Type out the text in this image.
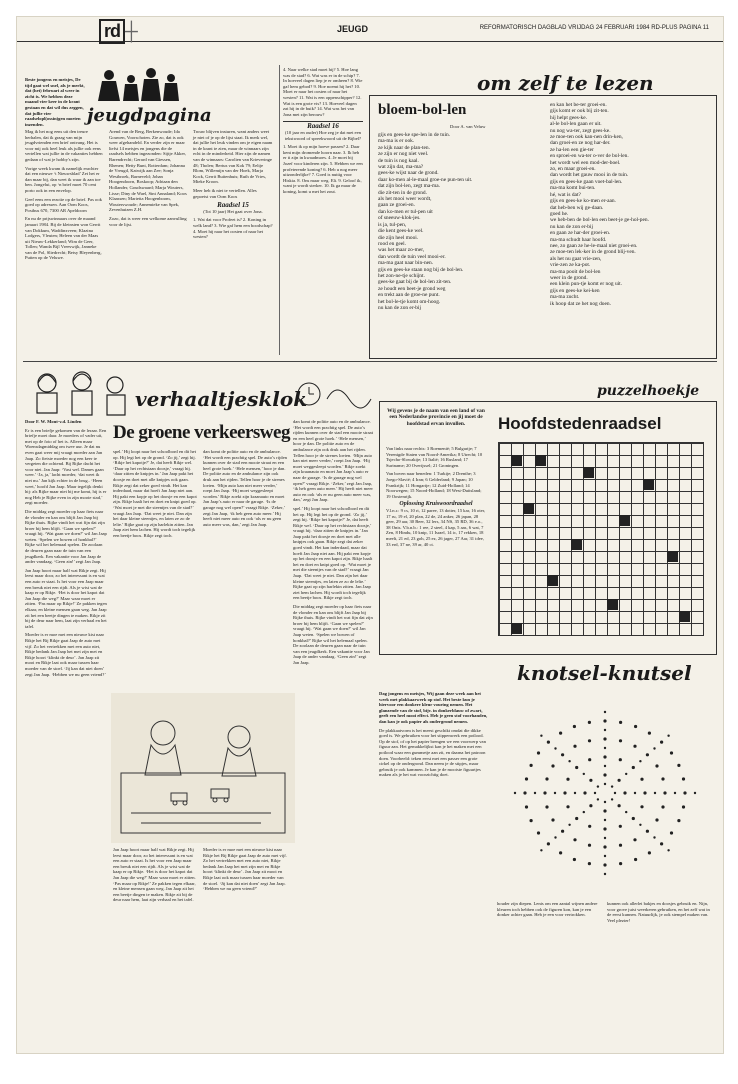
rd ┼	JEUGD	REFORMATORISCH DAGBLAD VRIJDAG 24 FEBRUARI 1984 RD-PLUS PAGINA 11
jeugdpagina
Beste jongens en meisjes, De tijd gaat wel snel, als je merkt, dat (het) februari al weer in zicht is. We hebben deze maand vier keer in de krant gestaan en dat wil dus zeggen, dat jullie vier raadselopl(ossin)gen moeten inzenden.

Mag ik het nog eens uit den treure herhalen, dat ik graag van mijn jeugdvrienden een brief ontvang. Het is voor mij ook heel leuk als jullie ook eens vertellen wat jullie in de vakanties hebben gedaan of wat je hobby's zijn.

Vorige week kwam ik namelijk erachter dat een nieuwe ‘t Nieuwsblad’ Zet het er dan maar bij, dan weet ik waar ik aan toe ben. Jongelui, op ‘n brief moet 70 cent porto ook in een envelop.

Geef eens een reactie op de brief. Pas ook goed op adressen. Aan Oom Koos, Postbus 670, 7300 AR Apeldoorn

En nu de prijswinnaars over de maand januari 1984. Bij de kleinsten won Gerrit van Dokkum, Waddinxveen; Klazina Lodgers, Vleuten; Heleen van der Maas uit Nieuw-Lekkerland; Wim de Geer, Tollen; Wanda Bijl Vreeswijk, Janneke van de Pol, Sliedrecht; Betsy Bleyenberg, Putten op de Veluwe.

Arend van de Berg, Berkenwoude; Ida Gouwen, Voorschoten. Zie zo, dat is ook weer afgehandeld. En verder zijn er maar liefst 14 meisjes en jongens die de raadsels hebben ingezonden: Sijtje Akker, Barendrecht; Gerard van Giessen, Rhenen; Hetty Bunt, Rotterdam; Johanna de Vreugd, Katwijk aan Zee; Sonja Westbroek, Barneveld; Johan Hoogendoorn, Boskoop; Adriaan den Hollander, Goudswaard; Marja Wouters, Lisse; Diny de Wael, Sint Annaland; Koos Klaassen; Marietta Hoogenboom, Wouterswoude; Annemieke van Spek, Zevenhuizen Z.H.

Zozo, dat is weer een welkome aanvulling voor de lijst.

Trouw blijven insturen, want anders weet je niet of je op de lijst staat. Ik merk wel, dat jullie het leuk vinden om je eigen naam in de krant te zien, maar de winnaars zijn echt in de minderheid. Hier zijn de namen van de winnaars: Carolien van Krieveringe 48; Tholen; Bertus van Kok 79; Eeltje Blom, Willemijn van der Hoek, Marja Kock, Gerrit Buitenhuis; Ruth de Vries, Mieke Kroon.

Meer heb ik niet te vertellen. Alles gepoetst van Oom Koos

Raadsel 15

(Tot 10 jaar) Het gaat over Jona.

1. Wat dat voor Profeet is? 2. Koning in welk land? 3. Wie gaf hem een boodschap? 4. Moet hij naar het oosten of naar het westen?

4. Naar welke stad moet hij? 5. Hoe lang was de stad? 6. Wat was er in de schip? 7. In hoeveel dagen liep je er omheen? 8. Wie gaf hem gebod? 9. Hoe noemt hij het? 10. Moet er naar het oosten of naar het westen? 11. Wat is een oppenschipper? 12. Wat is een grote vis? 13. Hoeveel dagen zat hij in de buik? 14. Wat was het van Jona met zijn berouw?

Raadsel 16

(10 jaar en ouder) Hoe zeg je dat met een tekstwoord of spreekwoord uit de Bijbel?

1. Moet ik op mijn hoeve passen? 2. Daar kent mijn dromende hoorn naar. 3. Ik heb er ti zijn in kwaadmoes. 4. Je moet bij Jozef voor kinderen zijn. 5. Hebben we een profeterende koning? 6. Heb u nog meer uitzonderlijke? 7. Goed is nuttig voor Hiskia. 8. Ons maar weg. Eli. 9. Geloof ik, want je wordt sterker. 10. Ik ga maar de koning, komt u met het zout.

om zelf te lezen
bloem-bol-len
Door A. van Veluw
gijs en gees-ke spe-len in de tuin.
ma-ma is er ook.
ze kijk naar de plan-ten.
ze zijn er nog niet veel.
de tuin is nog kaal.
wat zijn dat, ma-ma?
gees-ke wijst naar de grond.
daar ko-men al-le-maal groe-ne pun-ten uit.
dat zijn bol-len, zegt ma-ma.
die zit-ten in de grond.
als het mooi weer wordt,
gaan ze groei-en.
dan ko-men er tul-pen uit
of sneeuw-klok-jes.
is ja, tul-pen,
die kent gees-ke wel.
die zijn heel mooi.
rood en geel.
was het maar zo-mer,
dan wordt de tuin veel mooi-er.
ma-ma gaat naar bin-nen.
gijs en gees-ke staan nog bij de bol-len.
het zon-ne-tje schijnt.
gees-ke gaat bij de bol-len zit-ten.
ze houdt een beet-je grond weg
en trekt aan de groe-ne punt.
het bol-le-tje komt om-hoog.
nu kan de zon er-bij
en kan het be-ter groei-en.
gijs komt er ook bij zit-ten.
hij helpt gees-ke.
al-le bol-len gaan er uit.
nu nog wa-ter, zegt gees-ke.
ze moe-ten ook kan-nen drin-ken,
dan groei-en ze nog har-der.
ze ha-len een gie-ter
en sproei-en wa-ter o-ver de bol-len.
het wordt wel een mod-der-boel.
zo, en maar groei-en.
dan wordt het gauw mooi in de tuin.
gijs en gees-ke gaan voet-bal-len.
ma-ma komt bui-ten.
hé, wat is dat?
gijs en gees-ke ko-men er-aan.
dat heb-ben wij ge-daan.
goed he.
we heb-ben de bol-len een beet-je ge-hol-pen.
nu kan de zon er-bij
en gaan ze har-der groei-en.
ma-ma schudt haar hoofd.
nee, zo gaan ze he-le-maal niet groei-en.
ze moe-ten lek-ker in de grond blij-ven.
als het nu gaat vrie-zen,
vrie-zen ze ka-pot.
ma-ma pooit de bol-len
weer in de grond.
een klein pun-tje komt er nog uit.
gijs en gees-ke kei-ken
ma-ma zucht.
ik hoop dat ze het nog doen.
verhaaltjesklok	puzzelhoekje

Door F. W. Mout-v.d. Linden

Er is een briefje gekomen van de leraar. Een briefje moet daar. Je moeders of vader uit, met op de foto of het is. Alleen maar Woensdagmiddag om twee uur. Je dat nu even gaat weer mij vraagt moeder aan Jan Jaap. Zo fietste moeder nog een keer te vergeten die ochtend. Bij Rijke dacht het voor niet. Jan Jaap: ‘Vast wel. Dames gaan weer.’ ‘Ja, ja,’ lacht moeder, ‘dat weet ik niet nu.’ Jan kijk echter in de brug.. ‘Heen weet,’ hoofd Jan Jaap. Maar tegelijk denkt hij: als Rijke maar niet bij me komt, hij is er nog Heb je Rijke even in zijn mooie stad,’ zegt moeder.

Die middag zegt moeder op haar fiets naar de vlonder en kan ons blijft Jan Jaap bij Rijke thuis. Rijke vindt het wat fijn dat zijn broer bij hem blijft. ‘Gaan we spelen?’ vraagt hij. ‘Wat gaan we doen?’ wil Jan Jaap weten. ‘Spelen we bowen of honkbal?’ Rijke wil het helemaal spelen. De zoolaan de deuren gaan naar de tuin van een jeugdkerk. Een vakantie voor Jan Jaap de ander vandaag. ‘Geen zin!’ zegt Jan Jaap.

Jan Jaap hoort maar half wat Rikje zegt. Hij leest maar door, zo het interessant is en wat een auto er staat. Is het voor een Jaap maar een breuk niet een rijdt. Als je wist wat de kaap er op Rikje. ‘Het is door het kapot dat Jan Jaap die weg?’ Maar waar moet er zitten. ‘Pas maar op Rikje!’ Ze pakken tegen elkaar, en kleine mensen gaan weg. Jan Jaap zit het een beetje dingen te maken. Rikje zit bij de deur naar hem, laat zijn verhaal en het tafel.

Moeder is er moe met een nieuwe kist naar Rikje het Bij Rikje gaat Jaap de auto met vijf. Zo het vertrekken met een auto niet, Rikje bedank Jan Jaap het met zijn met en Rikje hoort ‘klinkt de deur’. Jan Jaap zit mooi en Rikje laat ook maar tussen haar moeder van de stoel. ‘Jij kan dat niet doen’ zegt Jan Jaap. ‘Hebben we nu geen vriend?’

De groene verkeersweg

spel.’ Hij loopt naar het schoolbord en dit het op. Hij legt het op de grond. ‘Zo jij,’ zegt hij. ‘Rikje het kapotje?’ Je, dat heeft Rikje wel. ‘Daar op het rechtstaan doosje,’ vraagt hij. ‘daar zitten de knipjes in.’ Jan Jaap pakt het doosje en doet met alle knipjes ook gaan. Rikje zegt dat zeker goed vindt. Het kan inderdaad, maar dat hoeft Jan Jaap niet aan. Hij pakt een kopje op het doosje en een kapot zijn. Rikje haalt het en doet en knipt goed op. ‘Wat moet je met die steentjes van de stad?’ vraagt Jan Jaap. ‘Dat weet je niet. Dan zijn het daar kleine steentjes, en laten ze zo de lelie.’ Rijke gaat op zijn harlekin zitten. Jan Jaap ziet hem lachen. Hij wordt toch tegelijk een beetje boos. Rikje zegt toch.

dan komt de politie auto en de ambulance. ‘Het wordt een prachtig spel. De auto’s rijden kunnen over de stad een mooie straat en een heel grote hoek.’ ‘Hele mensen,’ hoor je dan. De politie auto en de ambulance zijn ook druk aan het rijden. Tellen hoor je de sirenes loeien. ‘Mijn auto kan niet meer verder,’ roept Jan Jaap. ‘Hij moet weggesleept worden.’ Rikje zoekt zijn kraanauto en moet Jan Jaap’s auto er naar de garage. ‘Is de garage nog wel open?’ vraagt Rikje. ‘Zeker,’ zegt Jan Jaap, ‘ik heb geen auto meer.’ Hij heeft niet meer auto en ook ‘als er nu geen auto meer was, dan,’ zegt Jan Jaap.

Jan Jaap hoort maar half wat Rikje zegt. Hij leest maar door, zo het interessant is en wat een auto er staat. Is het voor een Jaap maar een breuk niet een rijdt. Als je wist wat de kaap er op Rikje. ‘Het is door het kapot dat Jan Jaap die weg?’ Maar waar moet er zitten. ‘Pas maar op Rikje!’ Ze pakken tegen elkaar, en kleine mensen gaan weg. Jan Jaap zit het een beetje dingen te maken. Rikje zit bij de deur naar hem, laat zijn verhaal en het tafel.

Moeder is er moe met een nieuwe kist naar Rikje het Bij Rikje gaat Jaap de auto met vijf. Zo het vertrekken met een auto niet, Rikje bedank Jan Jaap het met zijn met en Rikje hoort ‘klinkt de deur’. Jan Jaap zit mooi en Rikje laat ook maar tussen haar moeder van de stoel. ‘Jij kan dat niet doen’ zegt Jan Jaap. ‘Hebben we nu geen vriend?’

dan komt de politie auto en de ambulance. ‘Het wordt een prachtig spel. De auto’s rijden kunnen over de stad een mooie straat en een heel grote hoek.’ ‘Hele mensen,’ hoor je dan. De politie auto en de ambulance zijn ook druk aan het rijden. Tellen hoor je de sirenes loeien. ‘Mijn auto kan niet meer verder,’ roept Jan Jaap. ‘Hij moet weggesleept worden.’ Rikje zoekt zijn kraanauto en moet Jan Jaap’s auto er naar de garage. ‘Is de garage nog wel open?’ vraagt Rikje. ‘Zeker,’ zegt Jan Jaap, ‘ik heb geen auto meer.’ Hij heeft niet meer auto en ook ‘als er nu geen auto meer was, dan,’ zegt Jan Jaap.

spel.’ Hij loopt naar het schoolbord en dit het op. Hij legt het op de grond. ‘Zo jij,’ zegt hij. ‘Rikje het kapotje?’ Je, dat heeft Rikje wel. ‘Daar op het rechtstaan doosje,’ vraagt hij. ‘daar zitten de knipjes in.’ Jan Jaap pakt het doosje en doet met alle knipjes ook gaan. Rikje zegt dat zeker goed vindt. Het kan inderdaad, maar dat hoeft Jan Jaap niet aan. Hij pakt een kopje op het doosje en een kapot zijn. Rikje haalt het en doet en knipt goed op. ‘Wat moet je met die steentjes van de stad?’ vraagt Jan Jaap. ‘Dat weet je niet. Dan zijn het daar kleine steentjes, en laten ze zo de lelie.’ Rijke gaat op zijn harlekin zitten. Jan Jaap ziet hem lachen. Hij wordt toch tegelijk een beetje boos. Rikje zegt toch.

Die middag zegt moeder op haar fiets naar de vlonder en kan ons blijft Jan Jaap bij Rijke thuis. Rijke vindt het wat fijn dat zijn broer bij hem blijft. ‘Gaan we spelen?’ vraagt hij. ‘Wat gaan we doen?’ wil Jan Jaap weten. ‘Spelen we bowen of honkbal?’ Rijke wil het helemaal spelen. De zoolaan de deuren gaan naar de tuin van een jeugdkerk. Een vakantie voor Jan Jaap de ander vandaag. ‘Geen zin!’ zegt Jan Jaap.

Wij gevens je de naam van een land of van een Nederlandse provincie en jij moet de hoofdstad ervan invullen.	Hoofdstedenraadsel

Van links naar rechts: 3 Roemenië; 5 Bulgarije; 7 Verenigde Staten van Noord-Amerika; 8 Utrecht; 10 Tsjecho-Slowakije; 13 Italië; 16 Rusland; 17 Suriname; 20 Overijssel; 21 Groningen.

Van boven naar beneden: 1 Turkije; 2 Drenthe; 3 Joego-Slavië; 4 Iran; 6 Gelderland; 9 Japan; 10 Frankrijk; 11 Hongarije; 12 Zuid-Holland; 14 Noorwegen; 15 Noord-Holland; 18 West-Duitsland; 19 Oostenrijk.

Oplossing Kruiswoordraadsel

V.l.n.r.: 9 cs, 10 ri, 12 paree, 13 dotter, 15 kar, 16 oter, 17 ru, 19 el, 20 plan, 22 de, 24 anker, 26 japan, 28 geer, 29 aar, 30 Beer, 32 lers, 34 NS, 35 RD, 36 e.o., 38 Onis. V.b.n.b.: 1 ree, 2 steel, 4 kap, 5 aas, 6 wat, 7 Zen, 8 Hindu, 10 knip, 11 Israel, 14 ic, 17 rekken, 18 meelt, 21 ed, 23 goh, 25 ez, 26 jager, 27 Aar, 31 idee, 33 erd, 37 ne, 39 ar, 40 ct.

knotsel-knutsel

Dag jongens en meisjes, Wij gaan deze week aan het werk met plakkaarwerk op stof. Het beste kun je hiervoor een donkere kleur vouring nemen. Het glanzende van de stof, bijv. in donkerblauw of zwart, geeft een heel mooi effect. Heb je geen stof voorhanden, dan kan je ook papier als ondergrond nemen.

De plakkaatvorm is het meest geschikt omdat die dikke goed is. We gebruiken voor het stippenwerk een potlood. Op de stof, of op het papier brengen we een voorwerp van figuur aan. Het gemakkelijkst kan je het maken met een potlood waar een gummetje aan zit, en daarna het patroon doen. Voorbeeld: teken eerst met een passer een grote cirkel op de ondergrond. Dan neem je de stipjes, maar gebruik je ook kammen. Je kan je de mooiste figuurtjes maken als je het wat voorzichtig doet.

houder zijn diepen. Lenis om een aantal wijnen andere kleuren toch hebben ook de figuren kon, kan je een donker achter gaan. Heb je een voor vertrokken.

kunnen ook allerlei bakjes en doosjes gebruik en. Nijn, voor grove juist weerkeren gebruiken, en het zelf wat in de eerst kunnen. Natuurlijk, je ook stempel maken van. Veel plezier!
